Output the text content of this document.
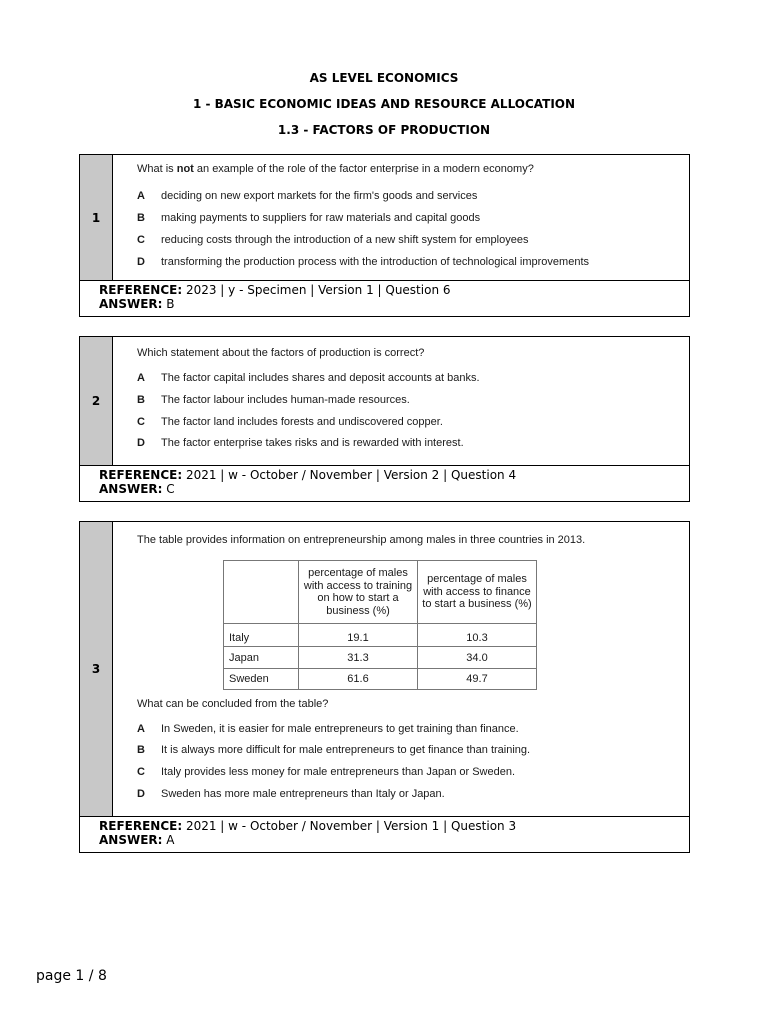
AS LEVEL ECONOMICS
1 - BASIC ECONOMIC IDEAS AND RESOURCE ALLOCATION
1.3 - FACTORS OF PRODUCTION
1
What is not an example of the role of the factor enterprise in a modern economy?
A	deciding on new export markets for the firm's goods and services
B	making payments to suppliers for raw materials and capital goods
C	reducing costs through the introduction of a new shift system for employees
D	transforming the production process with the introduction of technological improvements
REFERENCE: 2023 | y - Specimen | Version 1 | Question 6
ANSWER: B
2
Which statement about the factors of production is correct?
A	The factor capital includes shares and deposit accounts at banks.
B	The factor labour includes human-made resources.
C	The factor land includes forests and undiscovered copper.
D	The factor enterprise takes risks and is rewarded with interest.
REFERENCE: 2021 | w - October / November | Version 2 | Question 4
ANSWER: C
3
The table provides information on entrepreneurship among males in three countries in 2013.
	percentage of males with access to training on how to start a business (%)	percentage of males with access to finance to start a business (%)
Italy	19.1	10.3
Japan	31.3	34.0
Sweden	61.6	49.7
What can be concluded from the table?
A	In Sweden, it is easier for male entrepreneurs to get training than finance.
B	It is always more difficult for male entrepreneurs to get finance than training.
C	Italy provides less money for male entrepreneurs than Japan or Sweden.
D	Sweden has more male entrepreneurs than Italy or Japan.
REFERENCE: 2021 | w - October / November | Version 1 | Question 3
ANSWER: A
page 1 / 8
